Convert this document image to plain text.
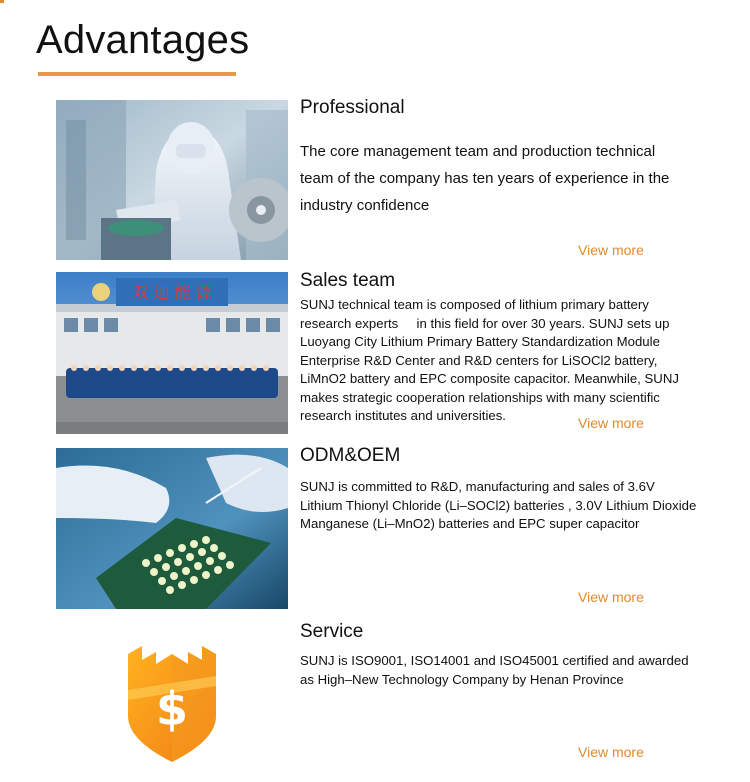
Advantages
Professional

The core management team and production technical team of the company has ten years of experience in the industry confidence

View more
双 迪 能 源
Sales team

SUNJ technical team is composed of lithium primary battery research experts     in this field for over 30 years. SUNJ sets up Luoyang City Lithium Primary Battery Standardization Module Enterprise R&D Center and R&D centers for LiSOCl2 battery, LiMnO2 battery and EPC composite capacitor. Meanwhile, SUNJ makes strategic cooperation relationships with many scientific research institutes and universities.	View more
ODM&OEM

SUNJ is committed to R&D, manufacturing and sales of 3.6V Lithium Thionyl Chloride (Li–SOCl2) batteries , 3.0V Lithium Dioxide Manganese (Li–MnO2) batteries and EPC super capacitor

View more
$
Service

SUNJ is ISO9001, ISO14001 and ISO45001 certified and awarded as High–New Technology Company by Henan Province

View more
